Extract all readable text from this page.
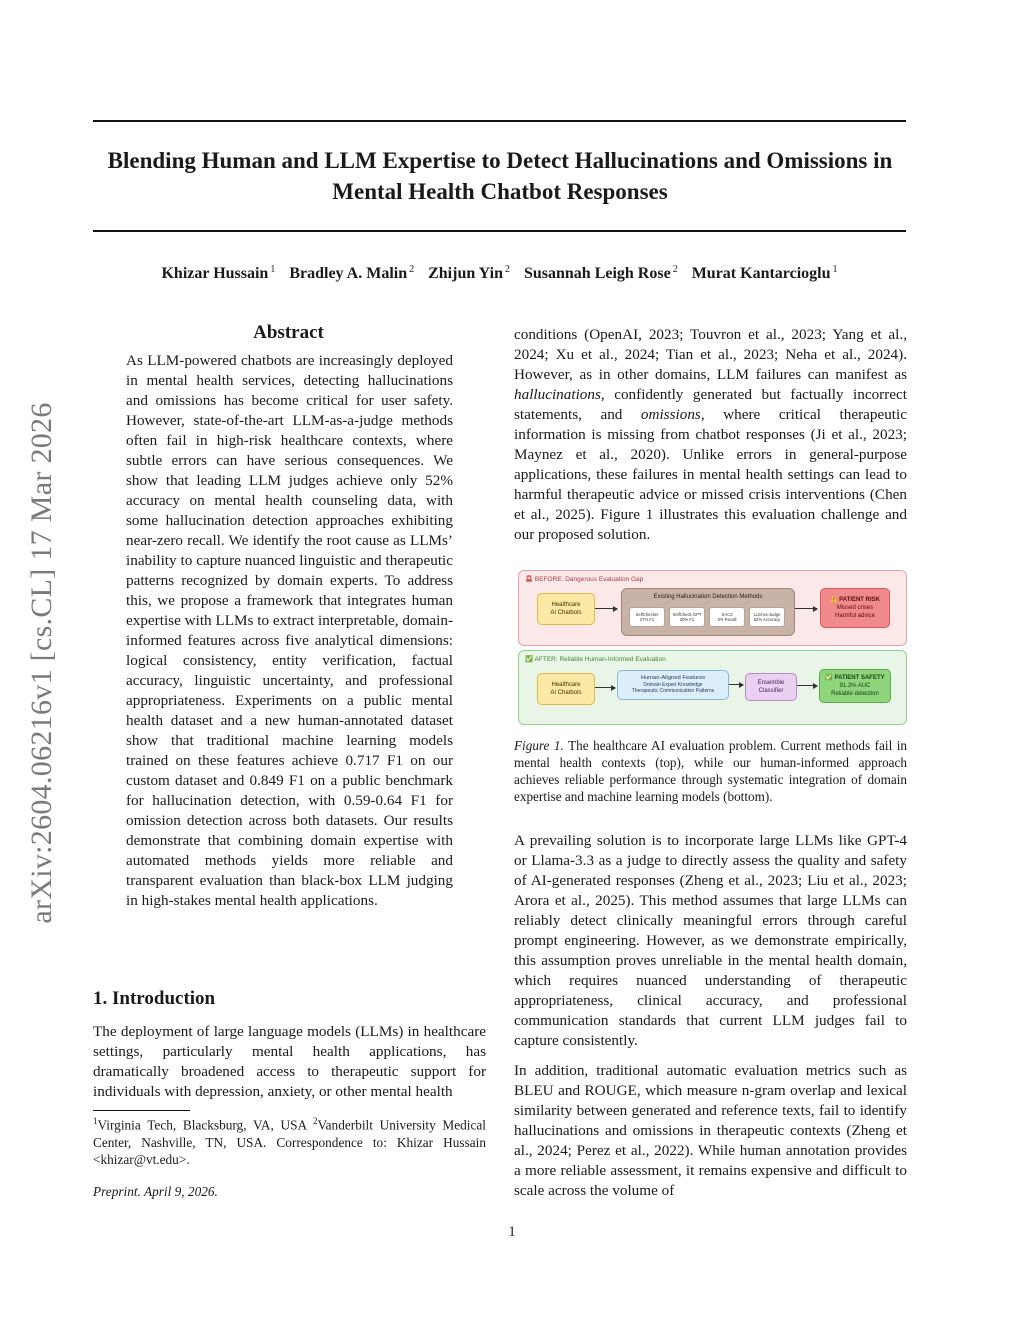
Blending Human and LLM Expertise to Detect Hallucinations and Omissions in Mental Health Chatbot Responses
Khizar Hussain $^1$ Bradley A. Malin $^2$ Zhijun Yin $^2$ Susannah Leigh Rose $^2$ Murat Kantarcioglu $^1$
arXiv:2604.06216v1 [cs.CL] 17 Mar 2026
Abstract

As LLM-powered chatbots are increasingly deployed in mental health services, detecting hallucinations and omissions has become critical for user safety. However, state-of-the-art LLM-as-a-judge methods often fail in high-risk healthcare contexts, where subtle errors can have serious consequences. We show that leading LLM judges achieve only 52% accuracy on mental health counseling data, with some hallucination detection approaches exhibiting near-zero recall. We identify the root cause as LLMs’ inability to capture nuanced linguistic and therapeutic patterns recognized by domain experts. To address this, we propose a framework that integrates human expertise with LLMs to extract interpretable, domain-informed features across five analytical dimensions: logical consistency, entity verification, factual accuracy, linguistic uncertainty, and professional appropriateness. Experiments on a public mental health dataset and a new human-annotated dataset show that traditional machine learning models trained on these features achieve 0.717 F1 on our custom dataset and 0.849 F1 on a public benchmark for hallucination detection, with 0.59-0.64 F1 for omission detection across both datasets. Our results demonstrate that combining domain expertise with automated methods yields more reliable and transparent evaluation than black-box LLM judging in high-stakes mental health applications.

1. Introduction

The deployment of large language models (LLMs) in healthcare settings, particularly mental health applications, has dramatically broadened access to therapeutic support for individuals with depression, anxiety, or other mental health

$^1$Virginia Tech, Blacksburg, VA, USA $^2$Vanderbilt University Medical Center, Nashville, TN, USA. Correspondence to: Khizar Hussain <khizar@vt.edu>.
Preprint. April 9, 2026.

conditions (OpenAI, 2023; Touvron et al., 2023; Yang et al., 2024; Xu et al., 2024; Tian et al., 2023; Neha et al., 2024). However, as in other domains, LLM failures can manifest as hallucinations, confidently generated but factually incorrect statements, and omissions, where critical therapeutic information is missing from chatbot responses (Ji et al., 2023; Maynez et al., 2020). Unlike errors in general-purpose applications, these failures in mental health settings can lead to harmful therapeutic advice or missed crisis interventions (Chen et al., 2025). Figure 1 illustrates this evaluation challenge and our proposed solution.

🚨 BEFORE: Dangerous Evaluation Gap
Healthcare
AI Chatbots
Existing Hallucination Detection Methods
SelfChecker
27% F1
SelfCheck GPT
30% F1
SAC3
0% Recall
LLM-as-Judge
52% Accuracy
⚠️ PATIENT RISK
Missed crises
Harmful advice
✅ AFTER: Reliable Human-Informed Evaluation
Healthcare
AI Chatbots
Human-Aligned Features
Domain Expert Knowledge
Therapeutic Communication Patterns
Ensemble
Classifier
✅ PATIENT SAFETY
91.3% AUC
Reliable detection
Figure 1. The healthcare AI evaluation problem. Current methods fail in mental health contexts (top), while our human-informed approach achieves reliable performance through systematic integration of domain expertise and machine learning models (bottom).

A prevailing solution is to incorporate large LLMs like GPT-4 or Llama-3.3 as a judge to directly assess the quality and safety of AI-generated responses (Zheng et al., 2023; Liu et al., 2023; Arora et al., 2025). This method assumes that large LLMs can reliably detect clinically meaningful errors through careful prompt engineering. However, as we demonstrate empirically, this assumption proves unreliable in the mental health domain, which requires nuanced understanding of therapeutic appropriateness, clinical accuracy, and professional communication standards that current LLM judges fail to capture consistently.

In addition, traditional automatic evaluation metrics such as BLEU and ROUGE, which measure n-gram overlap and lexical similarity between generated and reference texts, fail to identify hallucinations and omissions in therapeutic contexts (Zheng et al., 2024; Perez et al., 2022). While human annotation provides a more reliable assessment, it remains expensive and difficult to scale across the volume of

1
